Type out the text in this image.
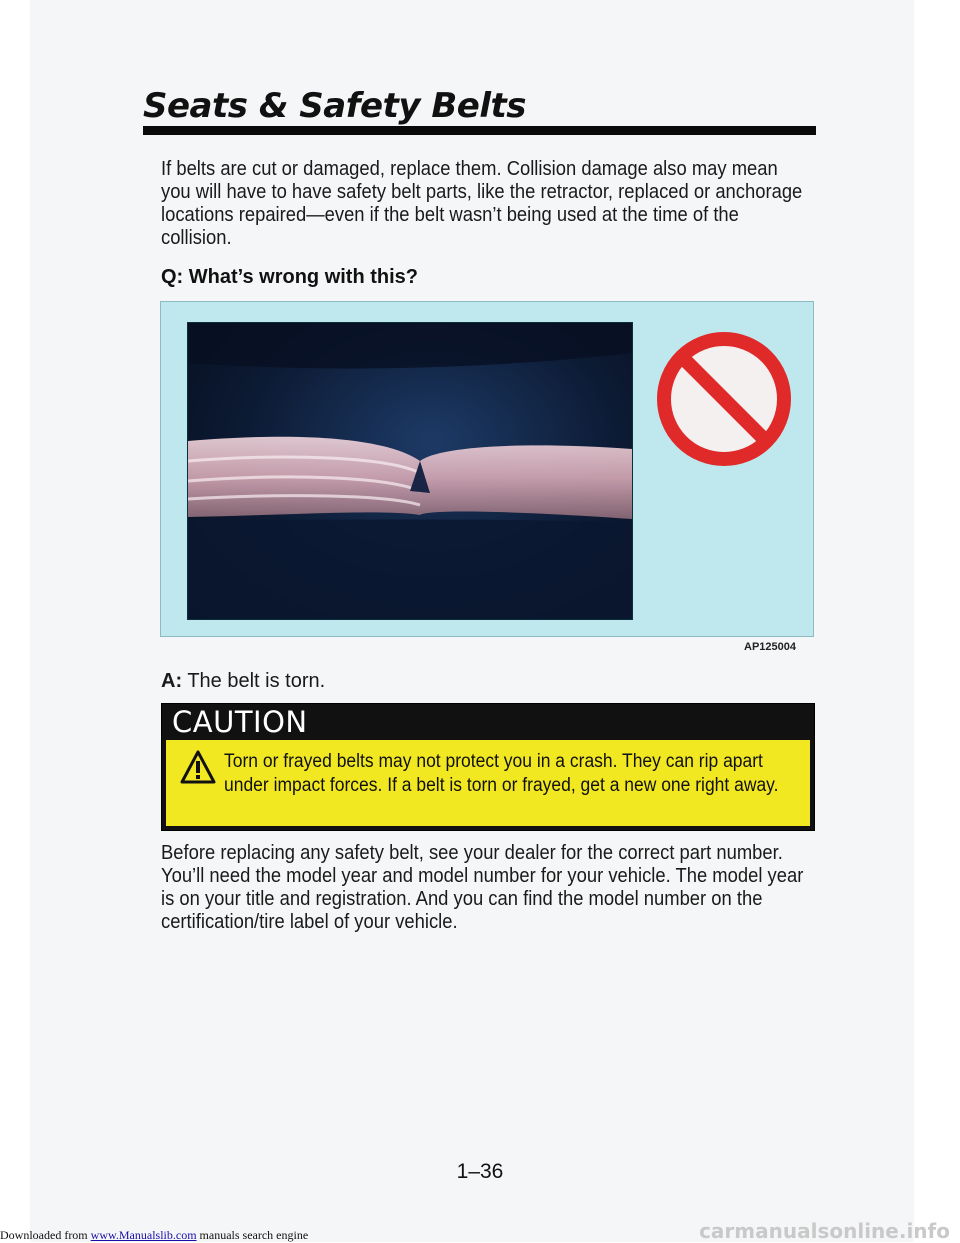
Seats & Safety Belts
If belts are cut or damaged, replace them. Collision damage also may mean you will have to have safety belt parts, like the retractor, replaced or anchorage locations repaired—even if the belt wasn’t being used at the time of the collision.
Q: What’s wrong with this?
AP125004
A: The belt is torn.
CAUTION
Torn or frayed belts may not protect you in a crash. They can rip apart under impact forces. If a belt is torn or frayed, get a new one right away.
Before replacing any safety belt, see your dealer for the correct part number. You’ll need the model year and model number for your vehicle. The model year is on your title and registration. And you can find the model number on the certification/tire label of your vehicle.
1–36
Downloaded from www.Manualslib.com manuals search engine	carmanualsonline.info
